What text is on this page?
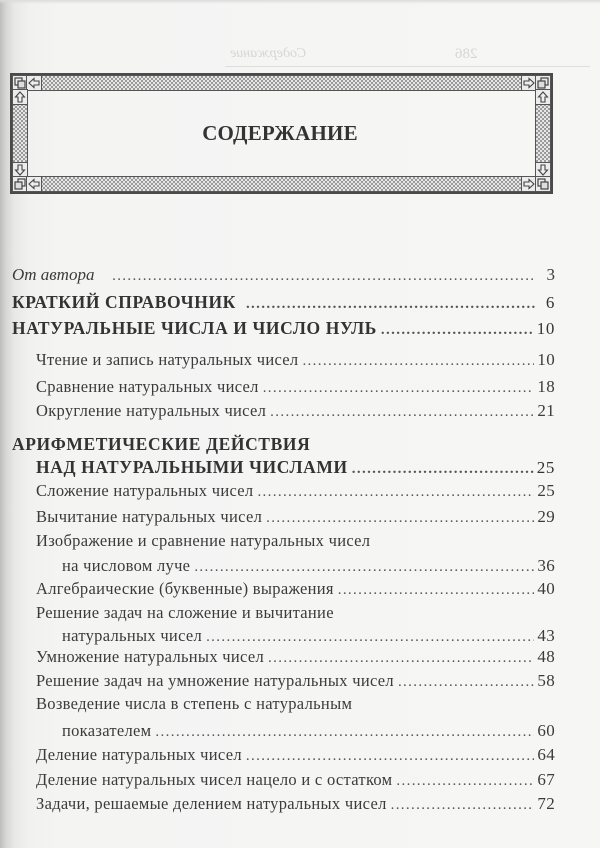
286
Содержание
СОДЕРЖАНИЕ
От автора . . .	3
КРАТКИЙ СПРАВОЧНИК . . .	6
НАТУРАЛЬНЫЕ ЧИСЛА И ЧИСЛО НУЛЬ . . .	10
Чтение и запись натуральных чисел . . .	10
Сравнение натуральных чисел . . .	18
Округление натуральных чисел . . .	21
АРИФМЕТИЧЕСКИЕ ДЕЙСТВИЯ
НАД НАТУРАЛЬНЫМИ ЧИСЛАМИ . . .	25
Сложение натуральных чисел . . .	25
Вычитание натуральных чисел . . .	29
Изображение и сравнение натуральных чисел
на числовом луче . . .	36
Алгебраические (буквенные) выражения . . .	40
Решение задач на сложение и вычитание
натуральных чисел . . .	43
Умножение натуральных чисел . . .	48
Решение задач на умножение натуральных чисел . . .	58
Возведение числа в степень с натуральным
показателем . . .	60
Деление натуральных чисел . . .	64
Деление натуральных чисел нацело и с остатком . . .	67
Задачи, решаемые делением натуральных чисел . . .	72
